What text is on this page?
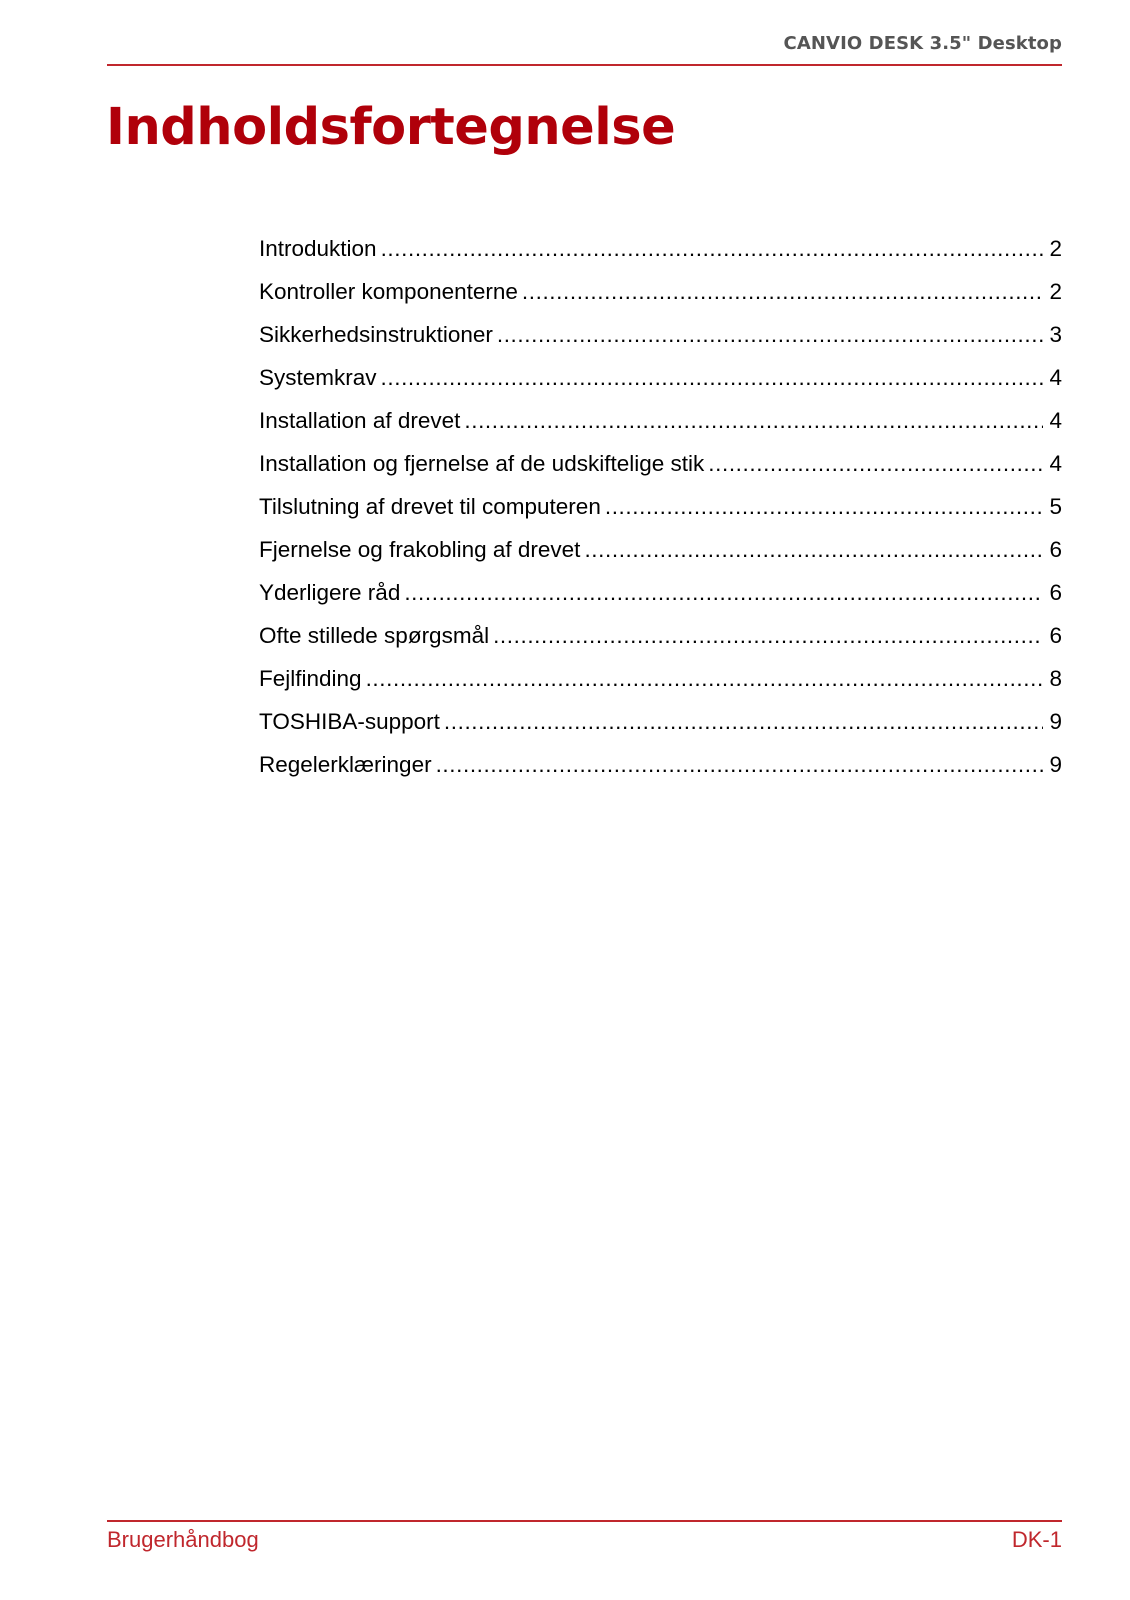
CANVIO DESK 3.5" Desktop
Indholdsfortegnelse
Introduktion .....	2
Kontroller komponenterne .....	2
Sikkerhedsinstruktioner .....	3
Systemkrav .....	4
Installation af drevet .....	4
Installation og fjernelse af de udskiftelige stik .....	4
Tilslutning af drevet til computeren .....	5
Fjernelse og frakobling af drevet .....	6
Yderligere råd .....	6
Ofte stillede spørgsmål .....	6
Fejlfinding .....	8
TOSHIBA-support .....	9
Regelerklæringer .....	9
Brugerhåndbog	DK-1
